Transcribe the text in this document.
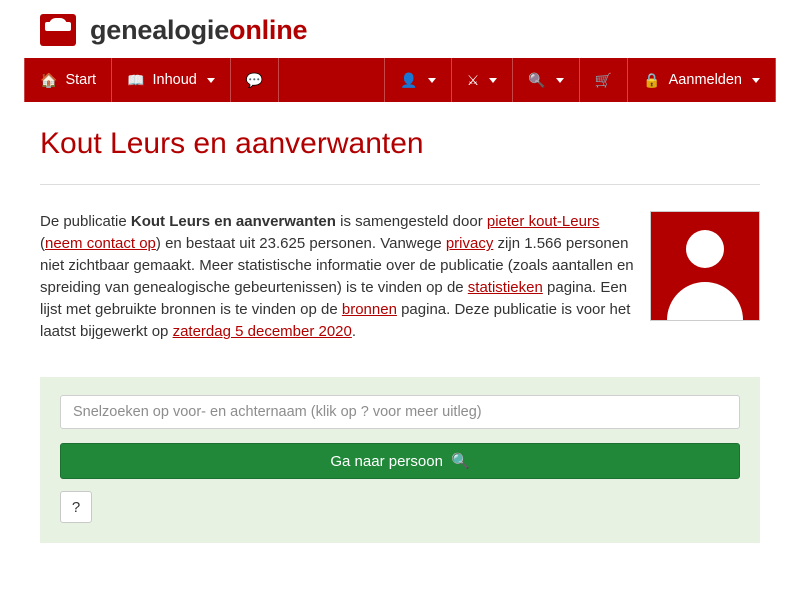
genealogieonline
🏠 Start 📖 Inhoud	💬	👤	⚔	🔍	🛒 🔒 Aanmelden
Kout Leurs en aanverwanten
De publicatie Kout Leurs en aanverwanten is samengesteld door pieter kout-Leurs (neem contact op) en bestaat uit 23.625 personen. Vanwege privacy zijn 1.566 personen niet zichtbaar gemaakt. Meer statistische informatie over de publicatie (zoals aantallen en spreiding van genealogische gebeurtenissen) is te vinden op de statistieken pagina. Een lijst met gebruikte bronnen is te vinden op de bronnen pagina. Deze publicatie is voor het laatst bijgewerkt op zaterdag 5 december 2020.
Snelzoeken op voor- en achternaam (klik op ? voor meer uitleg)
Ga naar persoon 🔍
?
